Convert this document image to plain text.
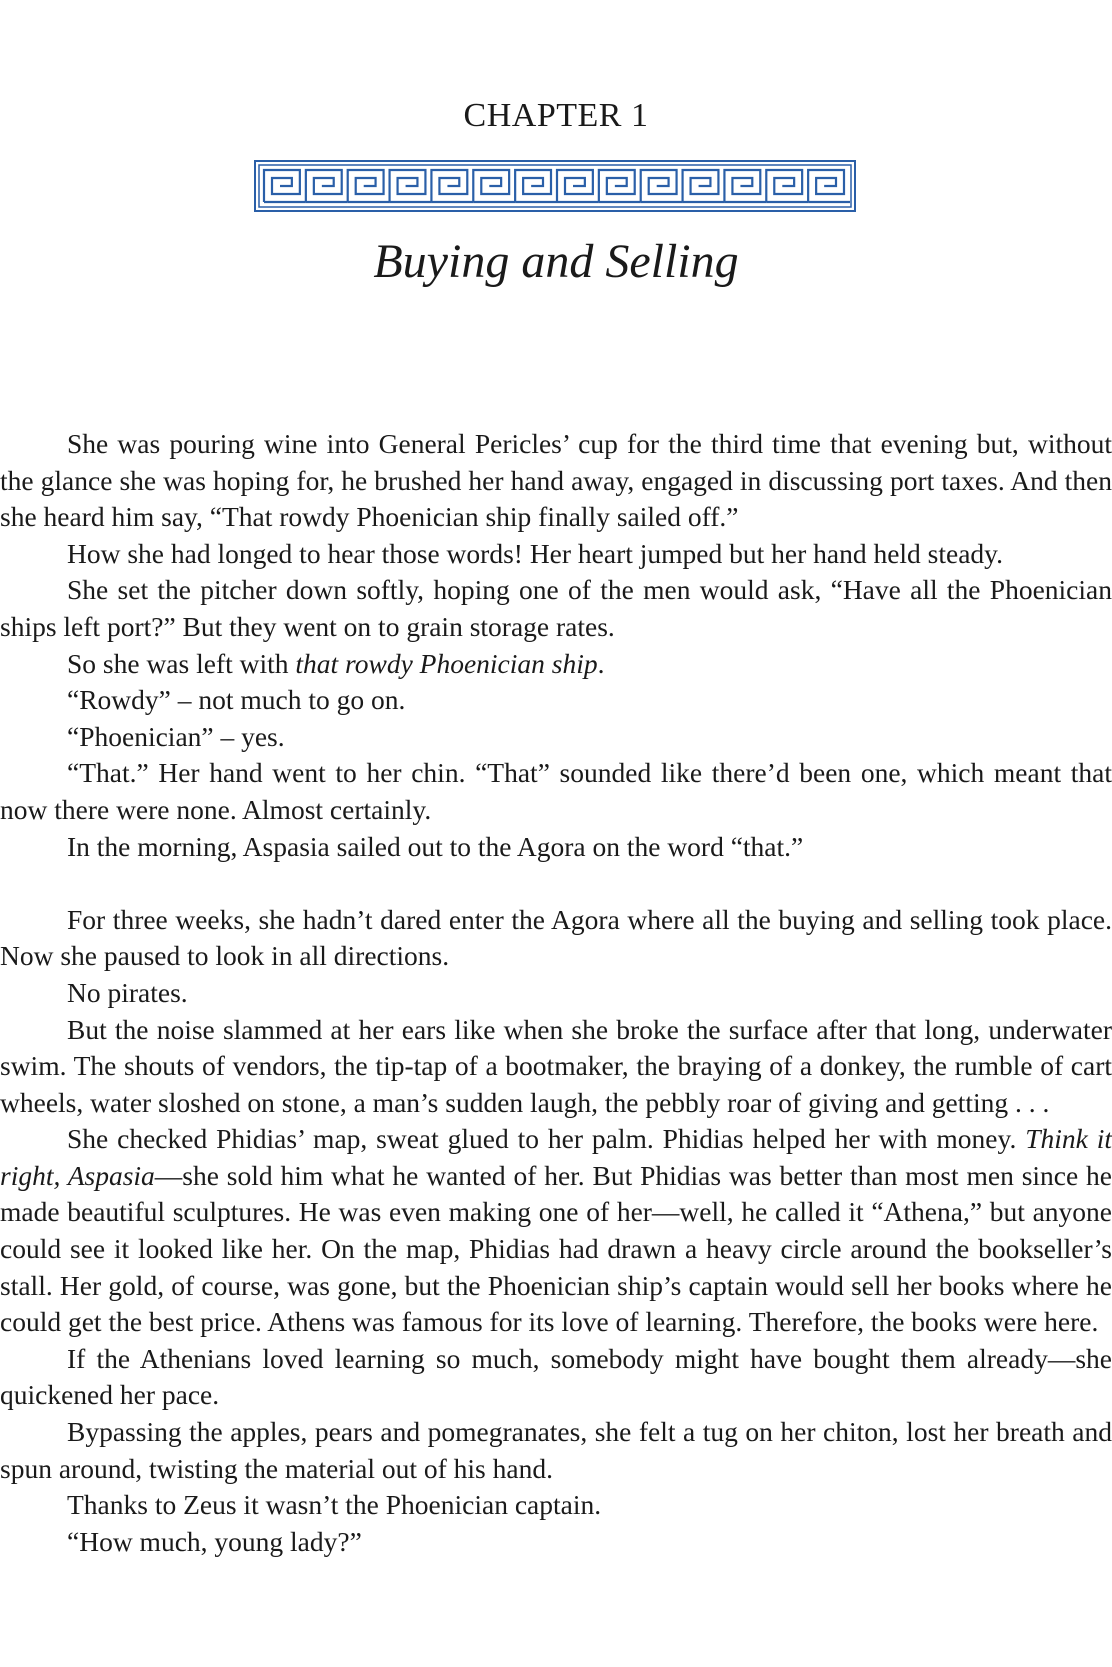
CHAPTER 1
Buying and Selling

She was pouring wine into General Pericles’ cup for the third time that evening but, without the glance she was hoping for, he brushed her hand away, engaged in discussing port taxes. And then she heard him say, “That rowdy Phoenician ship finally sailed off.”

How she had longed to hear those words! Her heart jumped but her hand held steady.

She set the pitcher down softly, hoping one of the men would ask, “Have all the Phoenician ships left port?” But they went on to grain storage rates.

So she was left with that rowdy Phoenician ship.

“Rowdy” – not much to go on.

“Phoenician” – yes.

“That.” Her hand went to her chin. “That” sounded like there’d been one, which meant that now there were none. Almost certainly.

In the morning, Aspasia sailed out to the Agora on the word “that.”

For three weeks, she hadn’t dared enter the Agora where all the buying and selling took place. Now she paused to look in all directions.

No pirates.

But the noise slammed at her ears like when she broke the surface after that long, underwater swim. The shouts of vendors, the tip-tap of a bootmaker, the braying of a donkey, the rumble of cart wheels, water sloshed on stone, a man’s sudden laugh, the pebbly roar of giving and getting . . .

She checked Phidias’ map, sweat glued to her palm. Phidias helped her with money. Think it right, Aspasia—she sold him what he wanted of her. But Phidias was better than most men since he made beautiful sculptures. He was even making one of her—well, he called it “Athena,” but anyone could see it looked like her. On the map, Phidias had drawn a heavy circle around the bookseller’s stall. Her gold, of course, was gone, but the Phoenician ship’s captain would sell her books where he could get the best price. Athens was famous for its love of learning. Therefore, the books were here.

If the Athenians loved learning so much, somebody might have bought them already—she quickened her pace.

Bypassing the apples, pears and pomegranates, she felt a tug on her chiton, lost her breath and spun around, twisting the material out of his hand.

Thanks to Zeus it wasn’t the Phoenician captain.

“How much, young lady?”
